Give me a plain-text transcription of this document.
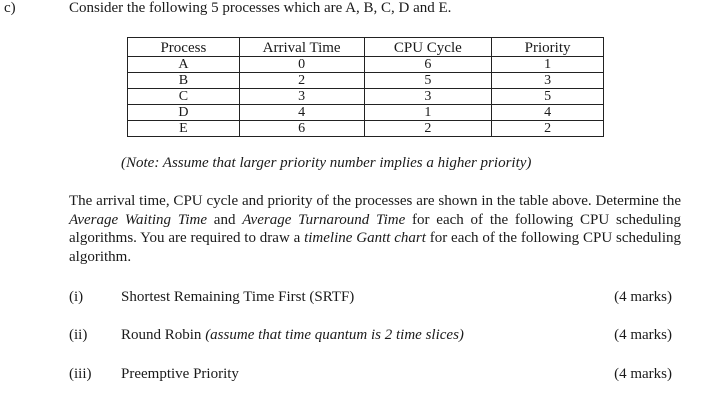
c)	Consider the following 5 processes which are A, B, C, D and E.
Process	Arrival Time	CPU Cycle	Priority
A	0	6	1
B	2	5	3
C	3	3	5
D	4	1	4
E	6	2	2
(Note: Assume that larger priority number implies a higher priority)
The arrival time, CPU cycle and priority of the processes are shown in the table above. Determine the Average Waiting Time and Average Turnaround Time for each of the following CPU scheduling algorithms. You are required to draw a timeline Gantt chart for each of the following CPU scheduling algorithm.
(i)	Shortest Remaining Time First (SRTF)	(4 marks)
(ii) Round Robin (assume that time quantum is 2 time slices)	(4 marks)
(iii) Preemptive Priority	(4 marks)
